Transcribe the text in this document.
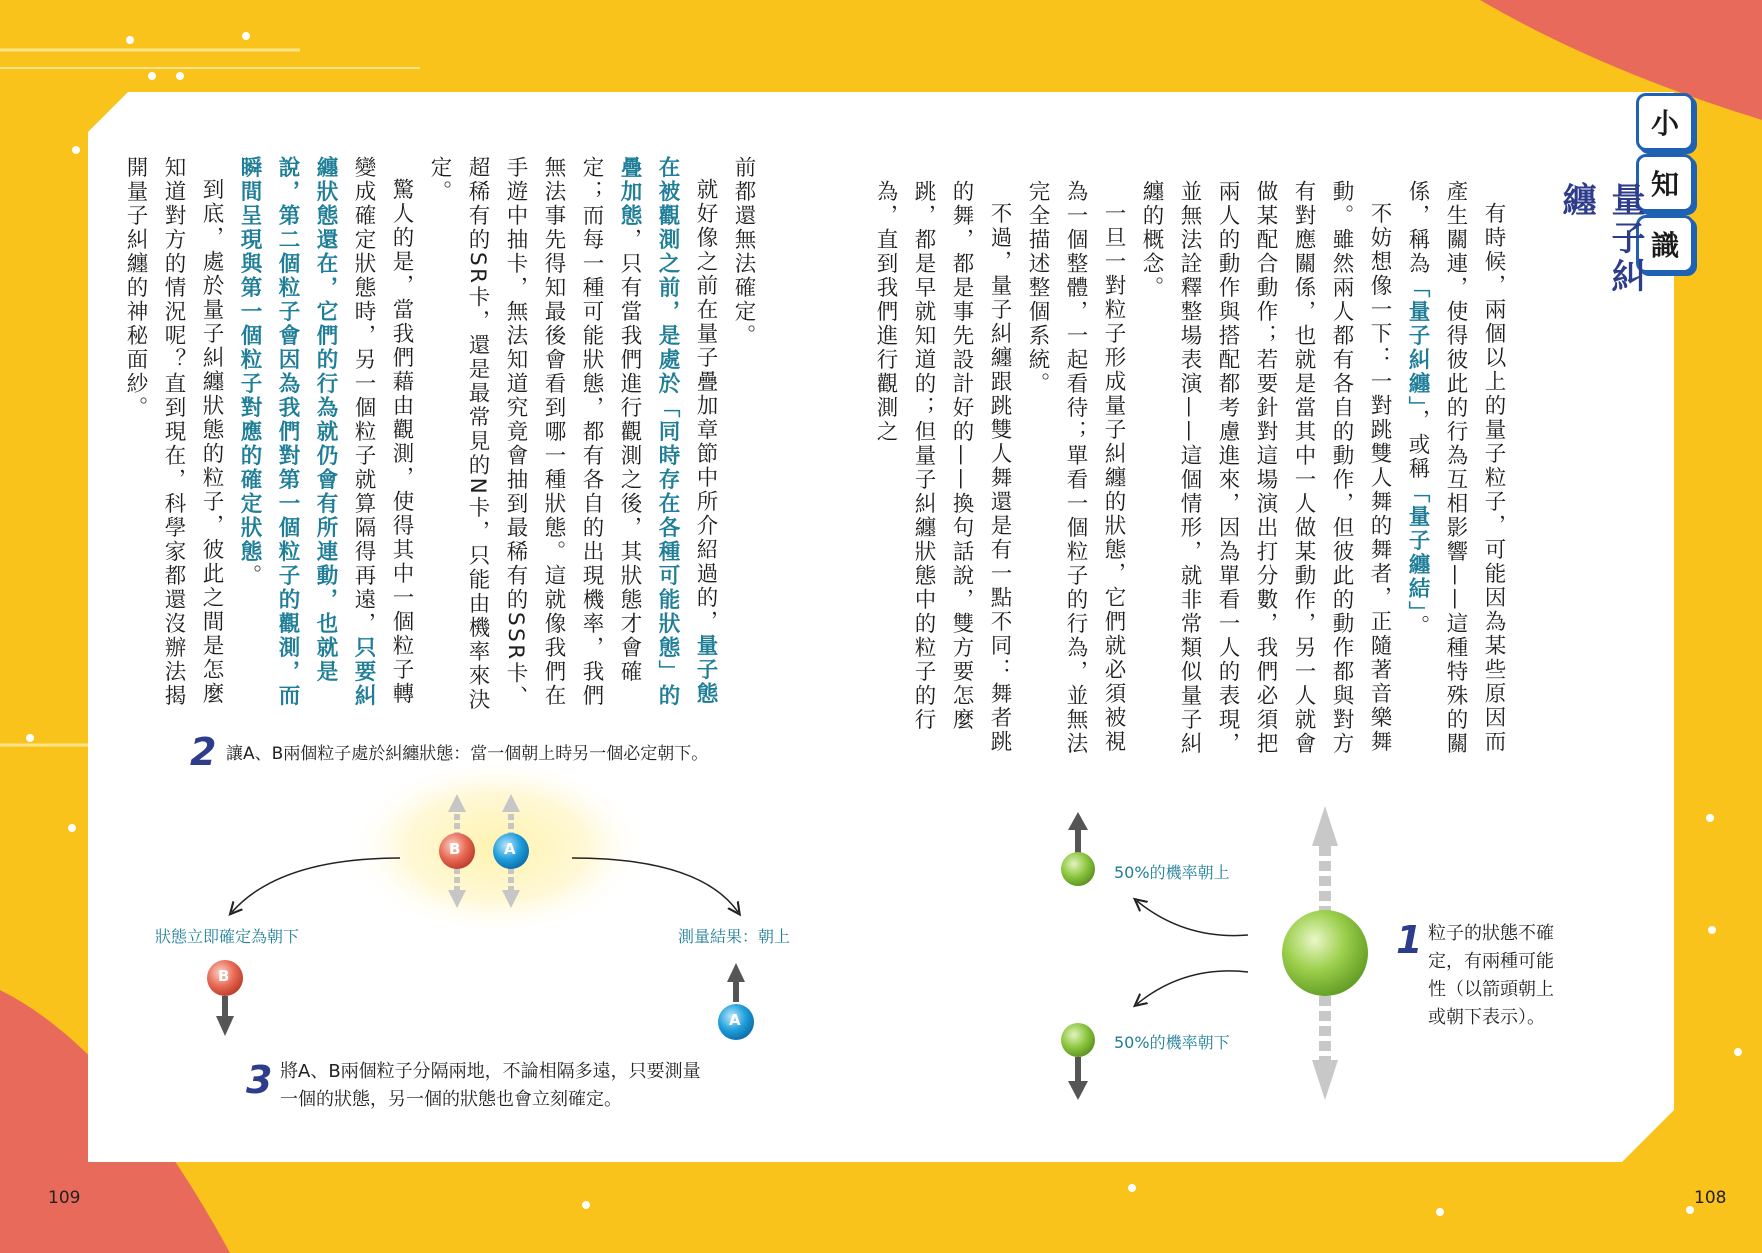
109	108
小
知
識
量子糾纏

有時候，兩個以上的量子粒子，可能因為某些原因而產生關連，使得彼此的行為互相影響——這種特殊的關係，稱為「量子糾纏」，或稱「量子纏結」。

不妨想像一下：一對跳雙人舞的舞者，正隨著音樂舞動。雖然兩人都有各自的動作，但彼此的動作都與對方有對應關係，也就是當其中一人做某動作，另一人就會做某配合動作；若要針對這場演出打分數，我們必須把兩人的動作與搭配都考慮進來，因為單看一人的表現，並無法詮釋整場表演——這個情形，就非常類似量子糾纏的概念。

一旦一對粒子形成量子糾纏的狀態，它們就必須被視為一個整體，一起看待；單看一個粒子的行為，並無法完全描述整個系統。

不過，量子糾纏跟跳雙人舞還是有一點不同：舞者跳的舞，都是事先設計好的——換句話說，雙方要怎麼跳，都是早就知道的；但量子糾纏狀態中的粒子的行為，直到我們進行觀測之

前都還無法確定。

就好像之前在量子疊加章節中所介紹過的，量子態在被觀測之前，是處於「同時存在各種可能狀態」的疊加態，只有當我們進行觀測之後，其狀態才會確定；而每一種可能狀態，都有各自的出現機率，我們無法事先得知最後會看到哪一種狀態。這就像我們在手遊中抽卡，無法知道究竟會抽到最稀有的SSR卡、超稀有的SR卡，還是最常見的N卡，只能由機率來決定。

驚人的是，當我們藉由觀測，使得其中一個粒子轉變成確定狀態時，另一個粒子就算隔得再遠，只要糾纏狀態還在，它們的行為就仍會有所連動，也就是說，第二個粒子會因為我們對第一個粒子的觀測，而瞬間呈現與第一個粒子對應的確定狀態。

到底，處於量子糾纏狀態的粒子，彼此之間是怎麼知道對方的情況呢？直到現在，科學家都還沒辦法揭開量子糾纏的神秘面紗。

B	A
B
A
50%的機率朝上
50%的機率朝下
1 粒子的狀態不確
定，有兩種可能
性（以箭頭朝上
或朝下表示）。
2 讓A、B兩個粒子處於糾纏狀態：當一個朝上時另一個必定朝下。
狀態立即確定為朝下	測量結果：朝上
3 將A、B兩個粒子分隔兩地，不論相隔多遠，只要測量
一個的狀態，另一個的狀態也會立刻確定。
